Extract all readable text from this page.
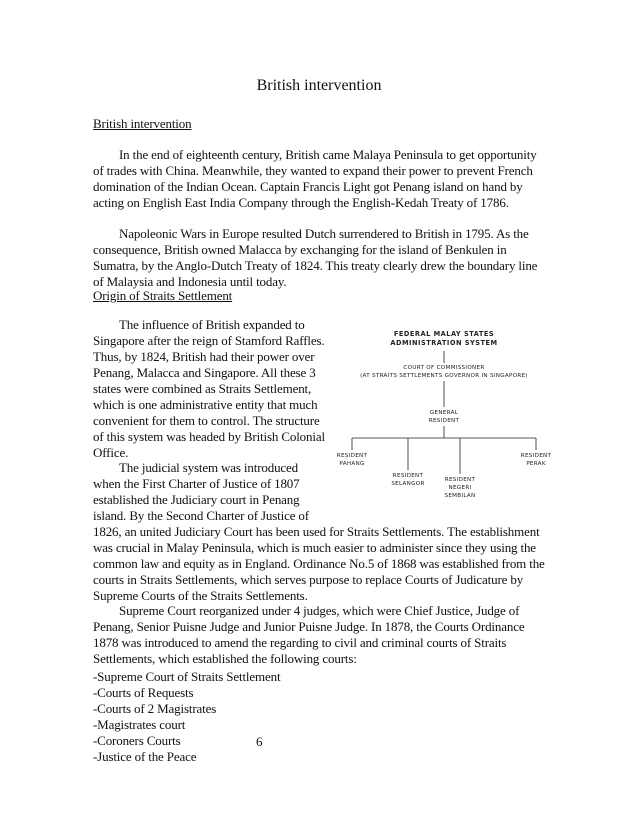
British intervention

British intervention

In the end of eighteenth century, British came Malaya Peninsula to get opportunity of trades with China. Meanwhile, they wanted to expand their power to prevent French domination of the Indian Ocean. Captain Francis Light got Penang island on hand by acting on English East India Company through the English-Kedah Treaty of 1786.

Napoleonic Wars in Europe resulted Dutch surrendered to British in 1795. As the consequence, British owned Malacca by exchanging for the island of Benkulen in Sumatra, by the Anglo-Dutch Treaty of 1824. This treaty clearly drew the boundary line of Malaysia and Indonesia until today.

Origin of Straits Settlement

The influence of British expanded to Singapore after the reign of Stamford Raffles. Thus, by 1824, British had their power over Penang, Malacca and Singapore. All these 3 states were combined as Straits Settlement, which is one administrative entity that much convenient for them to control. The structure of this system was headed by British Colonial Office.

The judicial system was introduced when the First Charter of Justice of 1807 established the Judiciary court in Penang island. By the Second Charter of Justice of

1826, an united Judiciary Court has been used for Straits Settlements. The establishment was crucial in Malay Peninsula, which is much easier to administer since they using the common law and equity as in England. Ordinance No.5 of 1868 was established from the courts in Straits Settlements, which serves purpose to replace Courts of Judicature by Supreme Courts of the Straits Settlements.

Supreme Court reorganized under 4 judges, which were Chief Justice, Judge of Penang, Senior Puisne Judge and Junior Puisne Judge. In 1878, the Courts Ordinance 1878 was introduced to amend the regarding to civil and criminal courts of Straits Settlements, which established the following courts:

-Supreme Court of Straits Settlement
-Courts of Requests
-Courts of 2 Magistrates
-Magistrates court
-Coroners Courts
-Justice of the Peace
6
FEDERAL MALAY STATES
ADMINISTRATION SYSTEM
COURT OF COMMISSIONER
(AT STRAITS SETTLEMENTS GOVERNOR IN SINGAPORE)
GENERAL
RESIDENT
RESIDENT
PAHANG
RESIDENT
SELANGOR
RESIDENT
NEGERI
SEMBILAN
RESIDENT
PERAK
